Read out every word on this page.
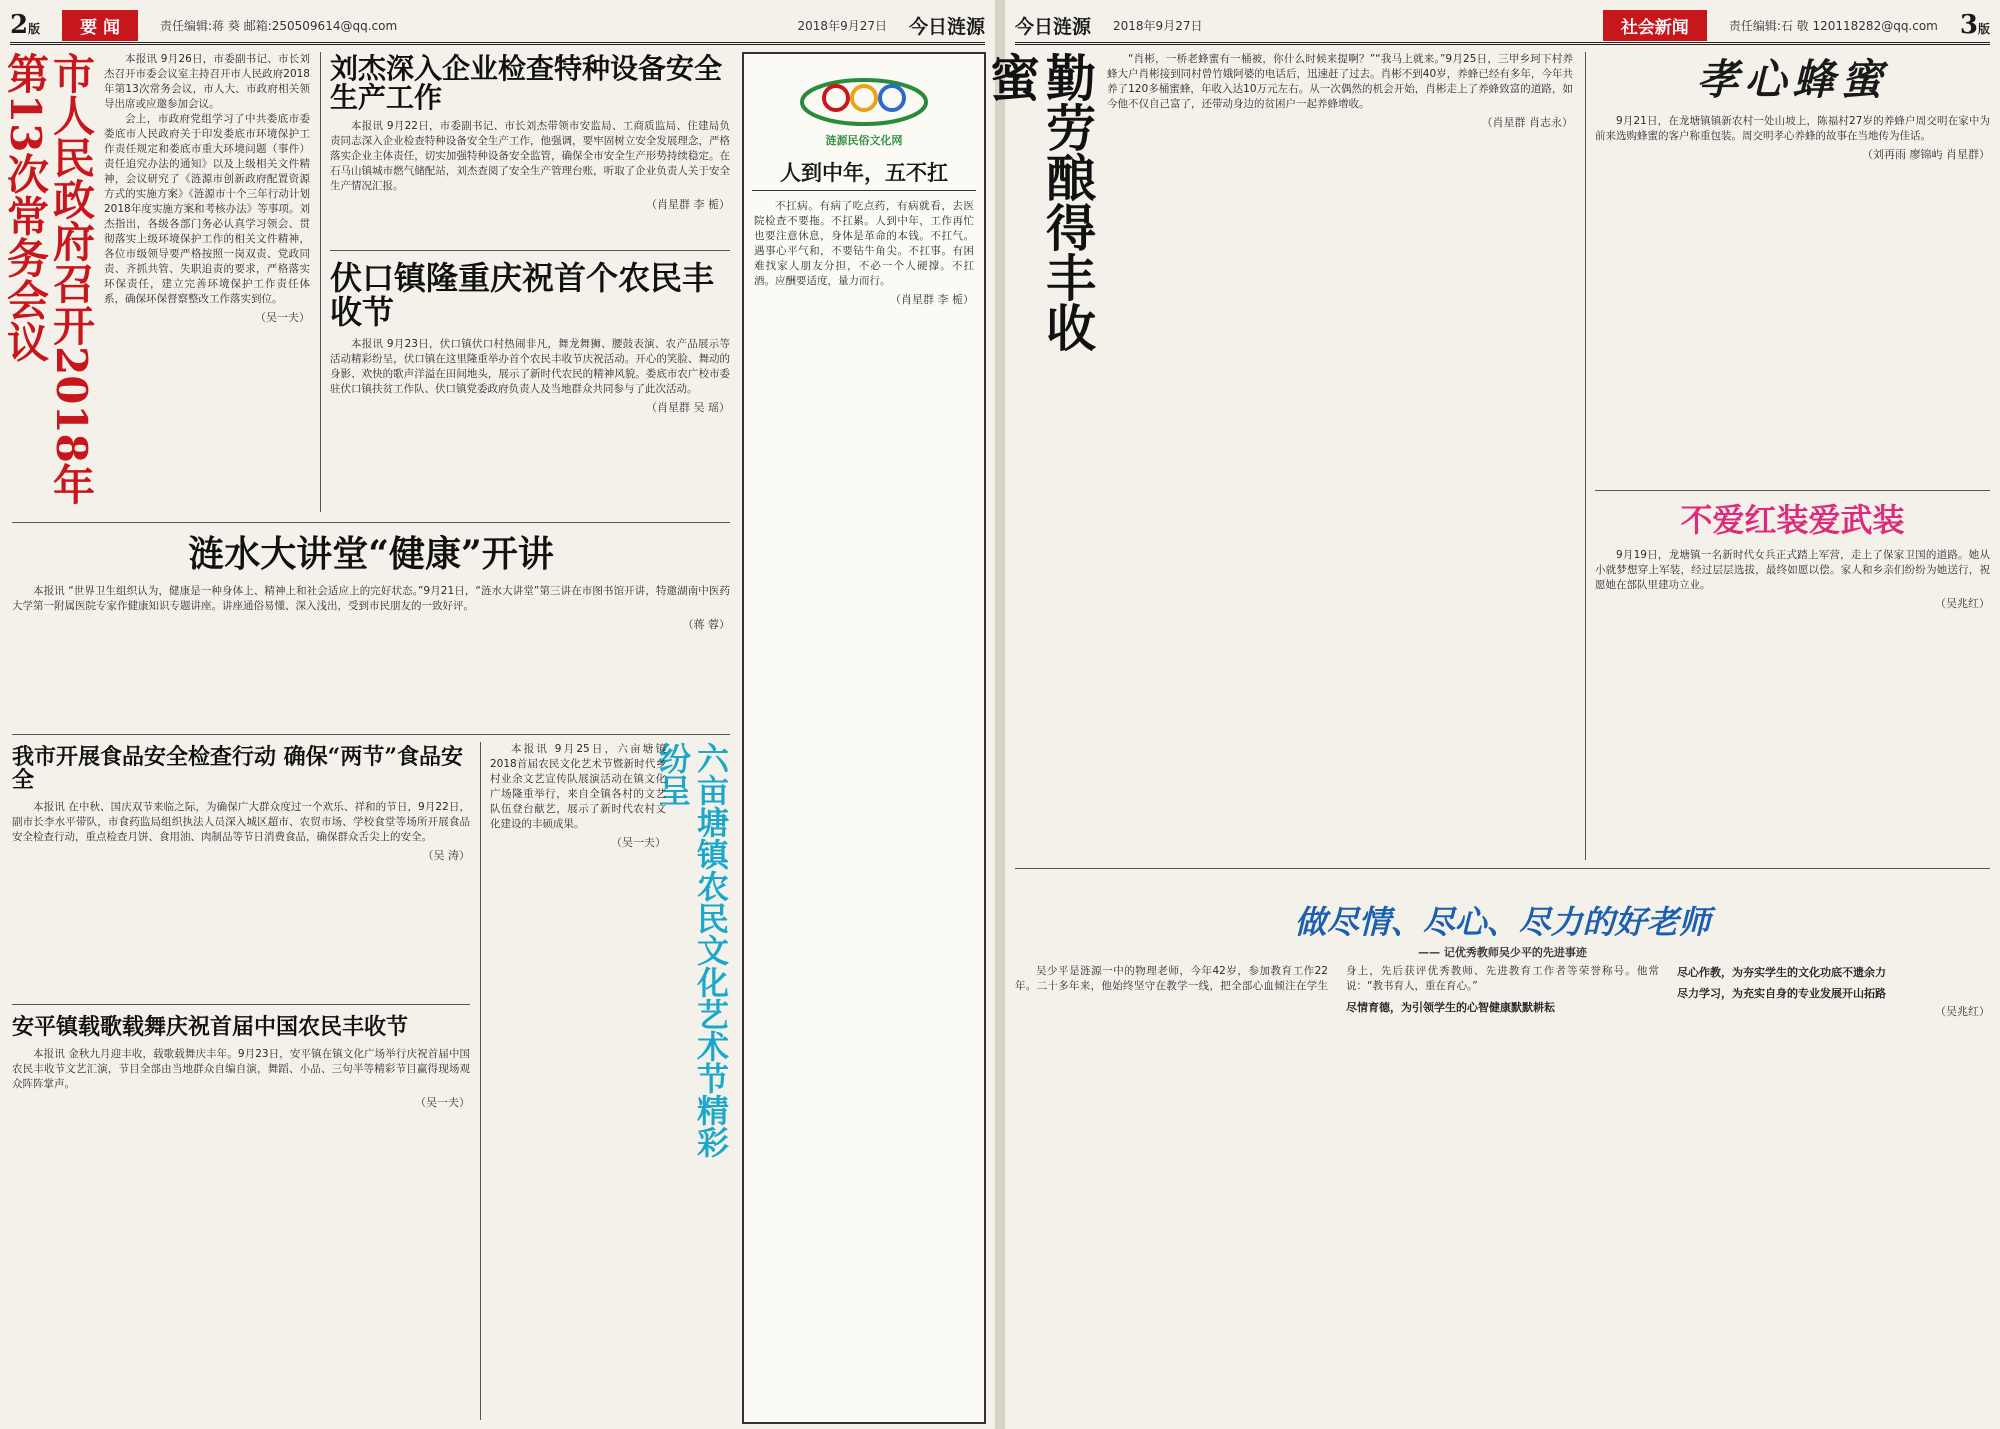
2版	要 闻	责任编辑:蒋 葵 邮箱:250509614@qq.com	2018年9月27日 今日涟源
市人民政府召开2018年第13次常务会议	本报讯 9月26日，市委副书记、市长刘杰召开市委会议室主持召开市人民政府2018年第13次常务会议，市人大、市政府相关领导出席或应邀参加会议。

会上，市政府党组学习了中共娄底市委娄底市人民政府关于印发娄底市环境保护工作责任规定和娄底市重大环境问题（事件）责任追究办法的通知》以及上级相关文件精神，会议研究了《涟源市创新政府配置资源方式的实施方案》《涟源市十个三年行动计划2018年度实施方案和考核办法》等事项。刘杰指出，各级各部门务必认真学习领会、贯彻落实上级环境保护工作的相关文件精神，各位市级领导要严格按照一岗双责、党政同责、齐抓共管、失职追责的要求，严格落实环保责任，建立完善环境保护工作责任体系，确保环保督察整改工作落实到位。

（吴一夫）
刘杰深入企业检查特种设备安全生产工作

本报讯 9月22日，市委副书记、市长刘杰带领市安监局、工商质监局、住建局负责同志深入企业检查特种设备安全生产工作，他强调，要牢固树立安全发展理念，严格落实企业主体责任，切实加强特种设备安全监管，确保全市安全生产形势持续稳定。在石马山镇城市燃气储配站，刘杰查阅了安全生产管理台账，听取了企业负责人关于安全生产情况汇报。

（肖星群 李 栀）
伏口镇隆重庆祝首个农民丰收节

本报讯 9月23日，伏口镇伏口村热闹非凡，舞龙舞狮、腰鼓表演、农产品展示等活动精彩纷呈，伏口镇在这里隆重举办首个农民丰收节庆祝活动。开心的笑脸、舞动的身影、欢快的歌声洋溢在田间地头，展示了新时代农民的精神风貌。娄底市农广校市委驻伏口镇扶贫工作队、伏口镇党委政府负责人及当地群众共同参与了此次活动。

（肖星群 吴 瑶）
涟源民俗文化网
人到中年，五不扛

不扛病。有病了吃点药，有病就看，去医院检查不要拖。不扛累。人到中年，工作再忙也要注意休息，身体是革命的本钱。不扛气。遇事心平气和，不要钻牛角尖。不扛事。有困难找家人朋友分担，不必一个人硬撑。不扛酒。应酬要适度，量力而行。

（肖星群 李 栀）
涟水大讲堂“健康”开讲

本报讯 “世界卫生组织认为，健康是一种身体上、精神上和社会适应上的完好状态。”9月21日，“涟水大讲堂”第三讲在市图书馆开讲，特邀湖南中医药大学第一附属医院专家作健康知识专题讲座。讲座通俗易懂、深入浅出，受到市民朋友的一致好评。

（蒋 蓉）
我市开展食品安全检查行动 确保“两节”食品安全

本报讯 在中秋、国庆双节来临之际，为确保广大群众度过一个欢乐、祥和的节日，9月22日，副市长李水平带队，市食药监局组织执法人员深入城区超市、农贸市场、学校食堂等场所开展食品安全检查行动，重点检查月饼、食用油、肉制品等节日消费食品，确保群众舌尖上的安全。

（吴 涛）
安平镇载歌载舞庆祝首届中国农民丰收节

本报讯 金秋九月迎丰收，载歌载舞庆丰年。9月23日，安平镇在镇文化广场举行庆祝首届中国农民丰收节文艺汇演，节目全部由当地群众自编自演，舞蹈、小品、三句半等精彩节目赢得现场观众阵阵掌声。

（吴一夫）	六亩塘镇农民文化艺术节精彩纷呈

本报讯 9月25日，六亩塘镇2018首届农民文化艺术节暨新时代乡村业余文艺宣传队展演活动在镇文化广场隆重举行，来自全镇各村的文艺队伍登台献艺，展示了新时代农村文化建设的丰硕成果。

（吴一夫）
今日涟源 2018年9月27日	社会新闻	责任编辑:石 敬 120118282@qq.com 3版
勤劳酿得丰收蜜	“肖彬，一桥老蜂蜜有一桶被，你什么时候来提啊？”“我马上就来。”9月25日，三甲乡珂下村养蜂大户肖彬接到同村曾竹娥阿婆的电话后，迅速赶了过去。肖彬不到40岁，养蜂已经有多年，今年共养了120多桶蜜蜂，年收入达10万元左右。从一次偶然的机会开始，肖彬走上了养蜂致富的道路，如今他不仅自己富了，还带动身边的贫困户一起养蜂增收。

（肖星群 肖志永）
孝心蜂蜜

9月21日，在龙塘镇镇新农村一处山坡上，陈福村27岁的养蜂户周交明在家中为前来选购蜂蜜的客户称重包装。周交明孝心养蜂的故事在当地传为佳话。

（刘再雨 廖锦屿 肖星群）
不爱红装爱武装

9月19日，龙塘镇一名新时代女兵正式踏上军营，走上了保家卫国的道路。她从小就梦想穿上军装，经过层层选拔，最终如愿以偿。家人和乡亲们纷纷为她送行，祝愿她在部队里建功立业。

（吴兆红）
做尽情、尽心、尽力的好老师
—— 记优秀教师吴少平的先进事迹

吴少平是涟源一中的物理老师，今年42岁，参加教育工作22年。二十多年来，他始终坚守在教学一线，把全部心血倾注在学生身上，先后获评优秀教师、先进教育工作者等荣誉称号。他常说：“教书育人，重在育心。”

尽情育德，为引领学生的心智健康默默耕耘
尽心作教，为夯实学生的文化功底不遗余力
尽力学习，为充实自身的专业发展开山拓路
（吴兆红）
